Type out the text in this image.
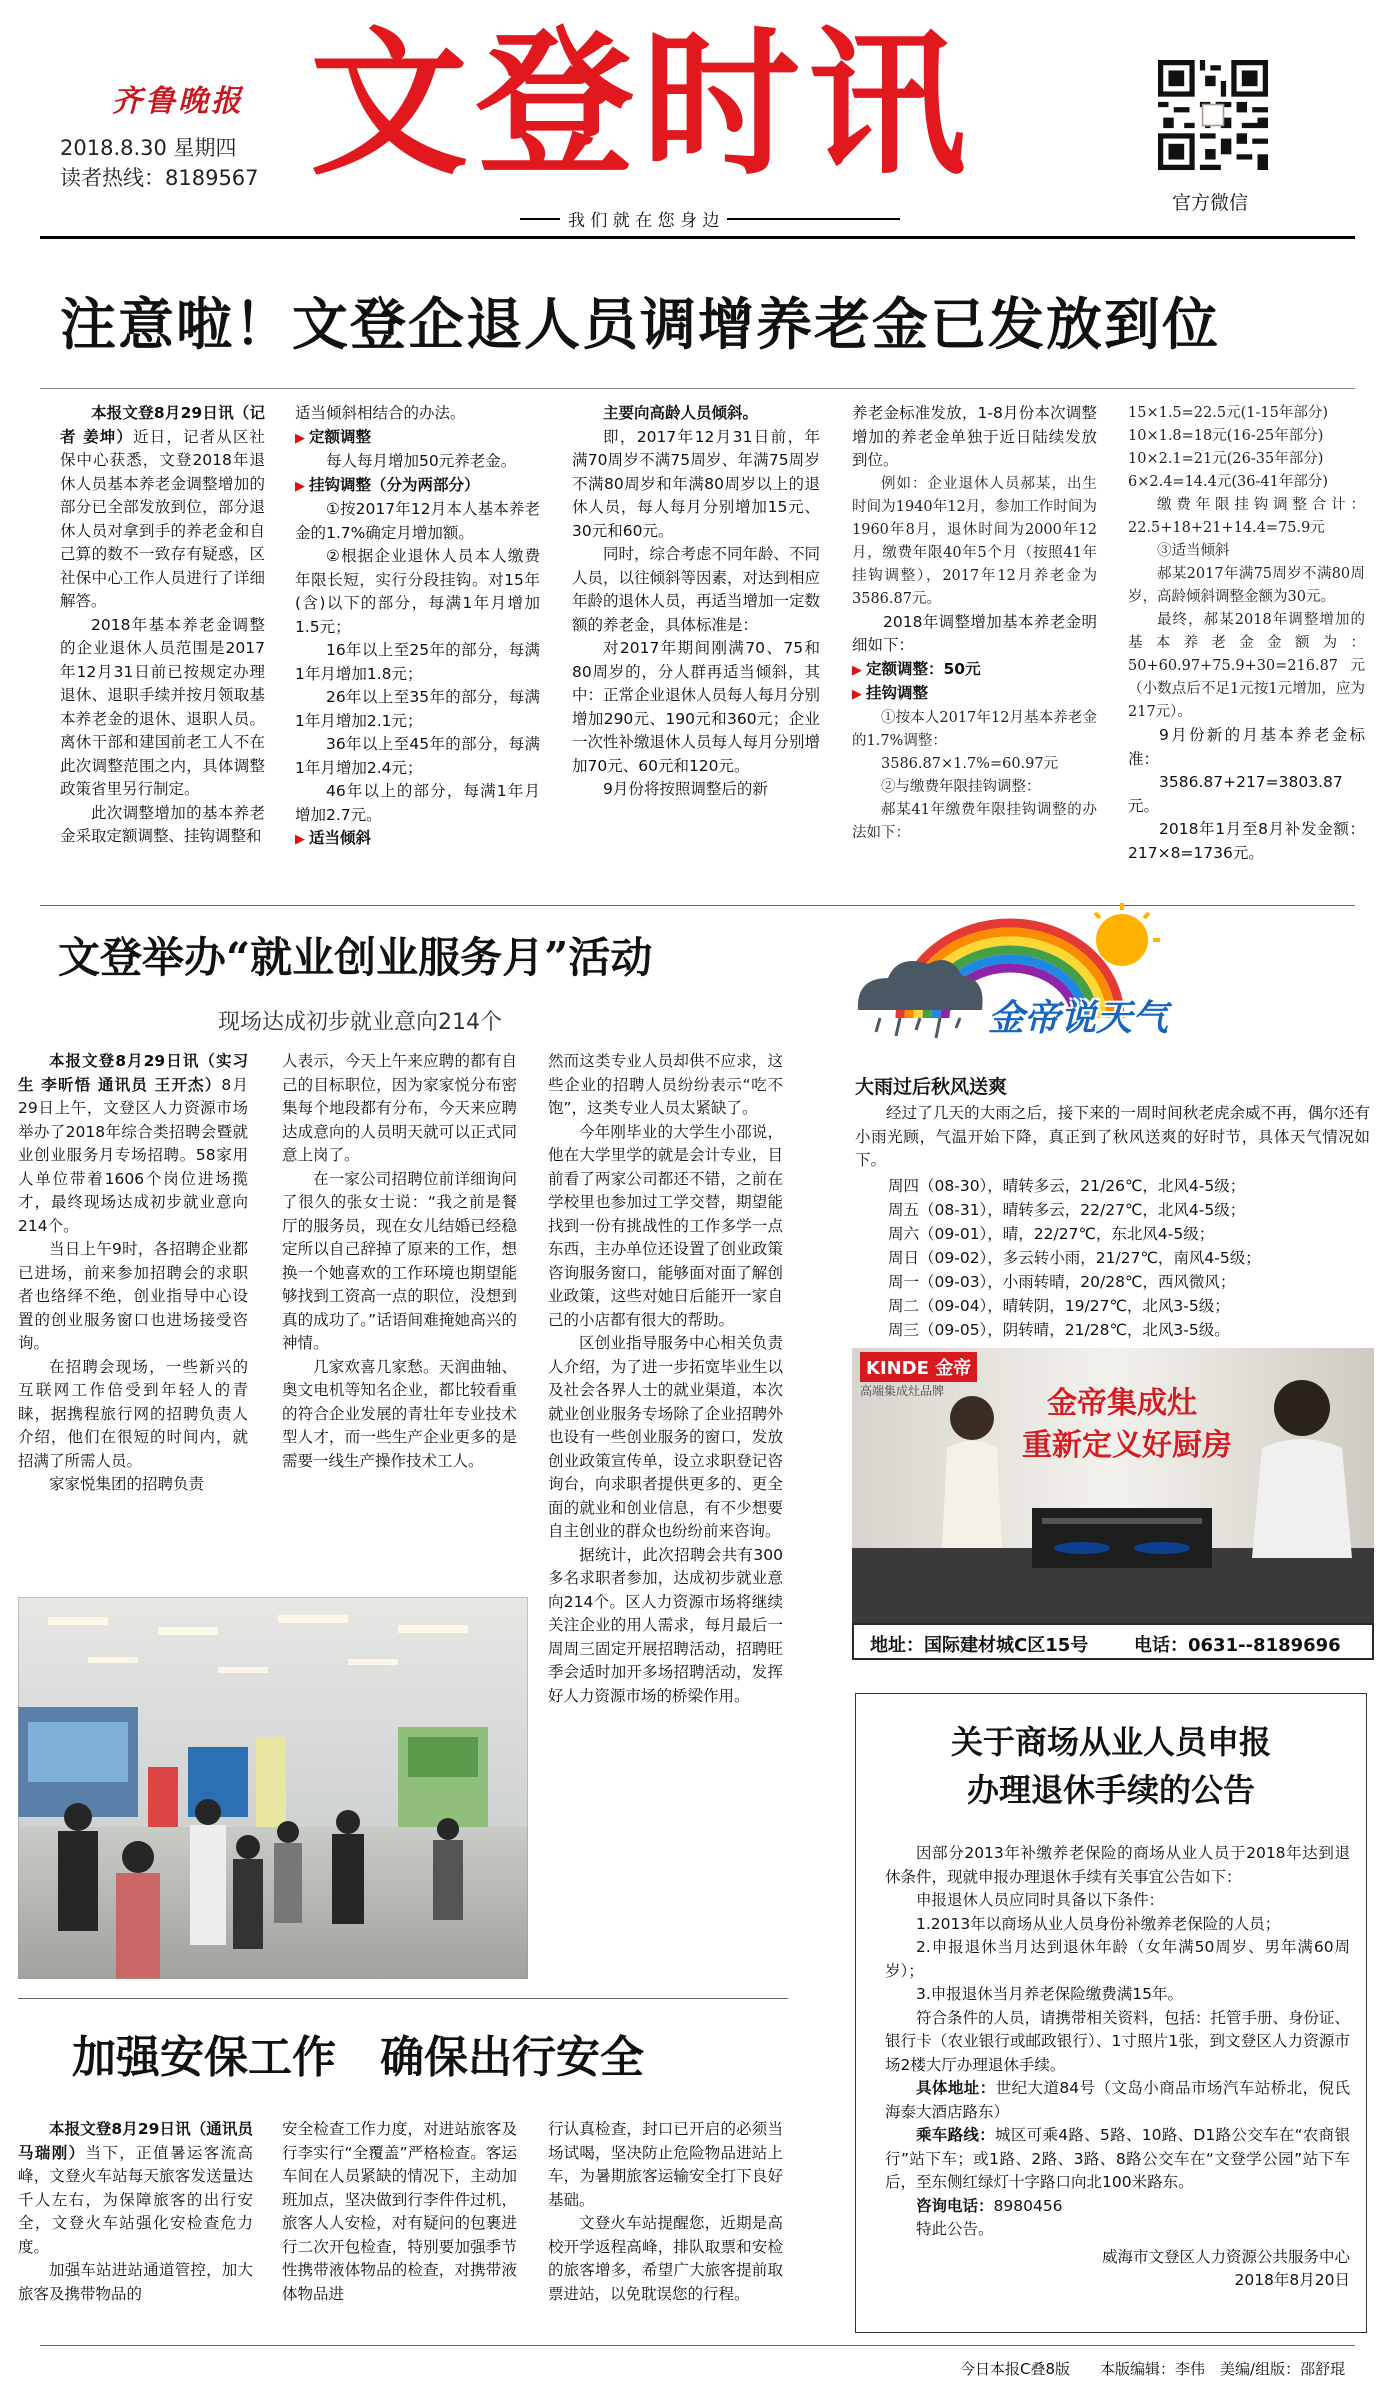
齐鲁晚报
2018.8.30 星期四
读者热线：8189567 文登时讯
我 们 就 在 您 身 边
官方微信
注意啦！文登企退人员调增养老金已发放到位

本报文登8月29日讯（记者 姜坤）近日，记者从区社保中心获悉，文登2018年退休人员基本养老金调整增加的部分已全部发放到位，部分退休人员对拿到手的养老金和自己算的数不一致存有疑惑，区社保中心工作人员进行了详细解答。

2018年基本养老金调整的企业退休人员范围是2017年12月31日前已按规定办理退休、退职手续并按月领取基本养老金的退休、退职人员。离休干部和建国前老工人不在此次调整范围之内，具体调整政策省里另行制定。

此次调整增加的基本养老金采取定额调整、挂钩调整和

适当倾斜相结合的办法。

▶ 定额调整

每人每月增加50元养老金。

▶ 挂钩调整（分为两部分）

①按2017年12月本人基本养老金的1.7%确定月增加额。

②根据企业退休人员本人缴费年限长短，实行分段挂钩。对15年(含)以下的部分，每满1年月增加1.5元；

16年以上至25年的部分，每满1年月增加1.8元；

26年以上至35年的部分，每满1年月增加2.1元；

36年以上至45年的部分，每满1年月增加2.4元；

46年以上的部分，每满1年月增加2.7元。

▶ 适当倾斜

主要向高龄人员倾斜。

即，2017年12月31日前，年满70周岁不满75周岁、年满75周岁不满80周岁和年满80周岁以上的退休人员，每人每月分别增加15元、30元和60元。

同时，综合考虑不同年龄、不同人员，以往倾斜等因素，对达到相应年龄的退休人员，再适当增加一定数额的养老金，具体标准是：

对2017年期间刚满70、75和80周岁的，分人群再适当倾斜，其中：正常企业退休人员每人每月分别增加290元、190元和360元；企业一次性补缴退休人员每人每月分别增加70元、60元和120元。

9月份将按照调整后的新

养老金标准发放，1-8月份本次调整增加的养老金单独于近日陆续发放到位。

例如：企业退休人员郝某，出生时间为1940年12月，参加工作时间为1960年8月，退休时间为2000年12月，缴费年限40年5个月（按照41年挂钩调整），2017年12月养老金为3586.87元。

2018年调整增加基本养老金明细如下：

▶ 定额调整：50元

▶ 挂钩调整

①按本人2017年12月基本养老金的1.7%调整：

3586.87×1.7%=60.97元

②与缴费年限挂钩调整：

郝某41年缴费年限挂钩调整的办法如下：

15×1.5=22.5元(1-15年部分)

10×1.8=18元(16-25年部分)

10×2.1=21元(26-35年部分)

6×2.4=14.4元(36-41年部分)

缴费年限挂钩调整合计：22.5+18+21+14.4=75.9元

③适当倾斜

郝某2017年满75周岁不满80周岁，高龄倾斜调整金额为30元。

最终，郝某2018年调整增加的基本养老金金额为：50+60.97+75.9+30=216.87元（小数点后不足1元按1元增加，应为217元）。

9月份新的月基本养老金标准：

3586.87+217=3803.87元。

2018年1月至8月补发金额：217×8=1736元。

文登举办“就业创业服务月”活动
现场达成初步就业意向214个

本报文登8月29日讯（实习生 李昕悟 通讯员 王开杰）8月29日上午，文登区人力资源市场举办了2018年综合类招聘会暨就业创业服务月专场招聘。58家用人单位带着1606个岗位进场揽才，最终现场达成初步就业意向214个。

当日上午9时，各招聘企业都已进场，前来参加招聘会的求职者也络绎不绝，创业指导中心设置的创业服务窗口也进场接受咨询。

在招聘会现场，一些新兴的互联网工作倍受到年轻人的青睐，据携程旅行网的招聘负责人介绍，他们在很短的时间内，就招满了所需人员。

家家悦集团的招聘负责

人表示，今天上午来应聘的都有自己的目标职位，因为家家悦分布密集每个地段都有分布，今天来应聘达成意向的人员明天就可以正式同意上岗了。

在一家公司招聘位前详细询问了很久的张女士说：“我之前是餐厅的服务员，现在女儿结婚已经稳定所以自己辞掉了原来的工作，想换一个她喜欢的工作环境也期望能够找到工资高一点的职位，没想到真的成功了。”话语间难掩她高兴的神情。

几家欢喜几家愁。天润曲轴、奥文电机等知名企业，都比较看重的符合企业发展的青壮年专业技术型人才，而一些生产企业更多的是需要一线生产操作技术工人。

然而这类专业人员却供不应求，这些企业的招聘人员纷纷表示“吃不饱”，这类专业人员太紧缺了。

今年刚毕业的大学生小邵说，他在大学里学的就是会计专业，目前看了两家公司都还不错，之前在学校里也参加过工学交替，期望能找到一份有挑战性的工作多学一点东西，主办单位还设置了创业政策咨询服务窗口，能够面对面了解创业政策，这些对她日后能开一家自己的小店都有很大的帮助。

区创业指导服务中心相关负责人介绍，为了进一步拓宽毕业生以及社会各界人士的就业渠道，本次就业创业服务专场除了企业招聘外也设有一些创业服务的窗口，发放创业政策宣传单，设立求职登记咨询台，向求职者提供更多的、更全面的就业和创业信息，有不少想要自主创业的群众也纷纷前来咨询。

据统计，此次招聘会共有300多名求职者参加，达成初步就业意向214个。区人力资源市场将继续关注企业的用人需求，每月最后一周周三固定开展招聘活动，招聘旺季会适时加开多场招聘活动，发挥好人力资源市场的桥梁作用。

加强安保工作　确保出行安全

本报文登8月29日讯（通讯员 马瑞刚）当下，正值暑运客流高峰，文登火车站每天旅客发送量达千人左右，为保障旅客的出行安全，文登火车站强化安检查危力度。

加强车站进站通道管控，加大旅客及携带物品的

安全检查工作力度，对进站旅客及行李实行“全覆盖”严格检查。客运车间在人员紧缺的情况下，主动加班加点，坚决做到行李件件过机，旅客人人安检，对有疑问的包裹进行二次开包检查，特别要加强季节性携带液体物品的检查，对携带液体物品进

行认真检查，封口已开启的必须当场试喝，坚决防止危险物品进站上车，为暑期旅客运输安全打下良好基础。

文登火车站提醒您，近期是高校开学返程高峰，排队取票和安检的旅客增多，希望广大旅客提前取票进站，以免耽误您的行程。

金帝说天气
大雨过后秋风送爽

经过了几天的大雨之后，接下来的一周时间秋老虎余威不再，偶尔还有小雨光顾，气温开始下降，真正到了秋风送爽的好时节，具体天气情况如下。

周四（08-30），晴转多云，21/26℃，北风4-5级；
周五（08-31），晴转多云，22/27℃，北风4-5级；
周六（09-01），晴，22/27℃，东北风4-5级；
周日（09-02），多云转小雨，21/27℃，南风4-5级；
周一（09-03），小雨转晴，20/28℃，西风微风；
周二（09-04），晴转阴，19/27℃，北风3-5级；
周三（09-05），阴转晴，21/28℃，北风3-5级。
KINDE 金帝
高端集成灶品牌	金帝集成灶
重新定义好厨房
地址：国际建材城C区15号	电话：0631--8189696
关于商场从业人员申报
办理退休手续的公告

因部分2013年补缴养老保险的商场从业人员于2018年达到退休条件，现就申报办理退休手续有关事宜公告如下：

申报退休人员应同时具备以下条件：

1.2013年以商场从业人员身份补缴养老保险的人员；

2.申报退休当月达到退休年龄（女年满50周岁、男年满60周岁）；

3.申报退休当月养老保险缴费满15年。

符合条件的人员，请携带相关资料，包括：托管手册、身份证、银行卡（农业银行或邮政银行）、1寸照片1张，到文登区人力资源市场2楼大厅办理退休手续。

具体地址：世纪大道84号（文岛小商品市场汽车站桥北，倪氏海泰大酒店路东）

乘车路线：城区可乘4路、5路、10路、D1路公交车在“农商银行”站下车；或1路、2路、3路、8路公交车在“文登学公园”站下车后，至东侧红绿灯十字路口向北100米路东。

咨询电话：8980456

特此公告。

威海市文登区人力资源公共服务中心

2018年8月20日

今日本报C叠8版　　本版编辑：李伟　美编/组版：邵舒琨
